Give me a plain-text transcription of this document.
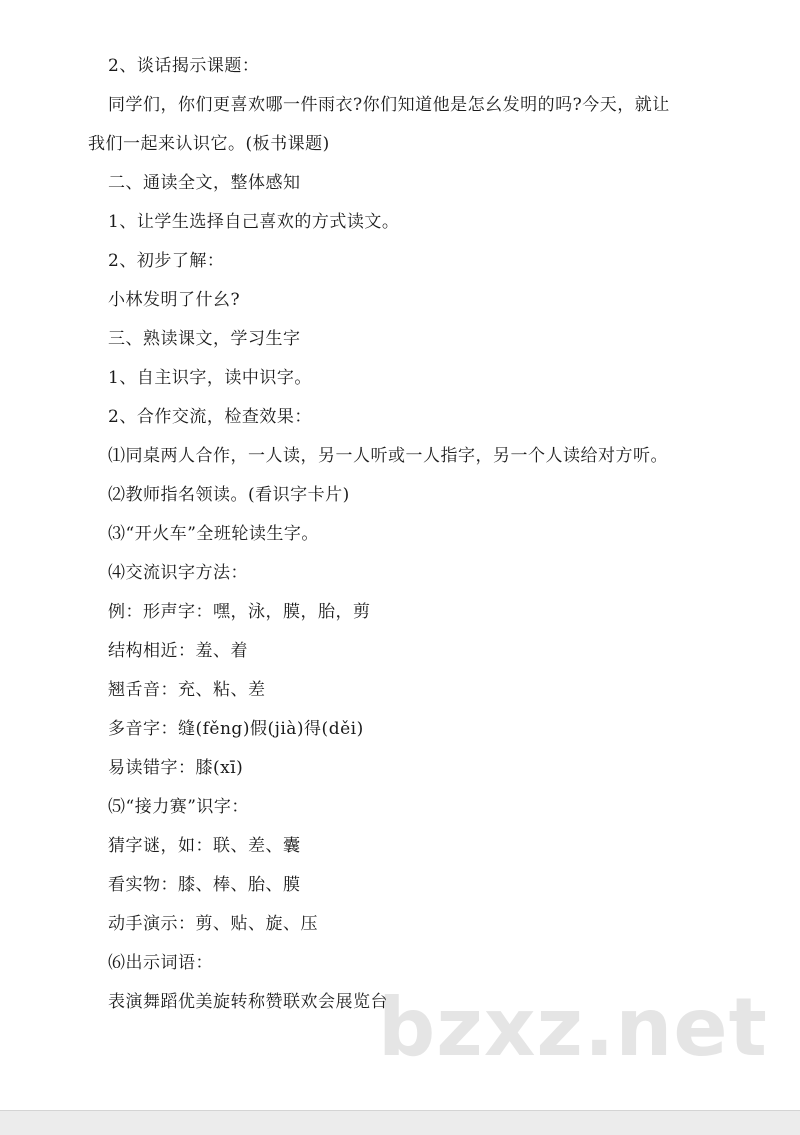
2、谈话揭示课题：
同学们，你们更喜欢哪一件雨衣?你们知道他是怎幺发明的吗?今天，就让
我们一起来认识它。(板书课题)
二、通读全文，整体感知
1、让学生选择自己喜欢的方式读文。
2、初步了解：
小林发明了什幺?
三、熟读课文，学习生字
1、自主识字，读中识字。
2、合作交流，检查效果：
⑴同桌两人合作，一人读，另一人听或一人指字，另一个人读给对方听。
⑵教师指名领读。(看识字卡片)
⑶“开火车”全班轮读生字。
⑷交流识字方法：
例：形声字：嘿，泳，膜，胎，剪
结构相近：羞、着
翘舌音：充、粘、差
多音字：缝(fěng)假(jià)得(děi)
易读错字：膝(xī)
⑸“接力赛”识字：
猜字谜，如：联、差、囊
看实物：膝、棒、胎、膜
动手演示：剪、贴、旋、压
⑹出示词语：
表演舞蹈优美旋转称赞联欢会展览台
bzxz.net
